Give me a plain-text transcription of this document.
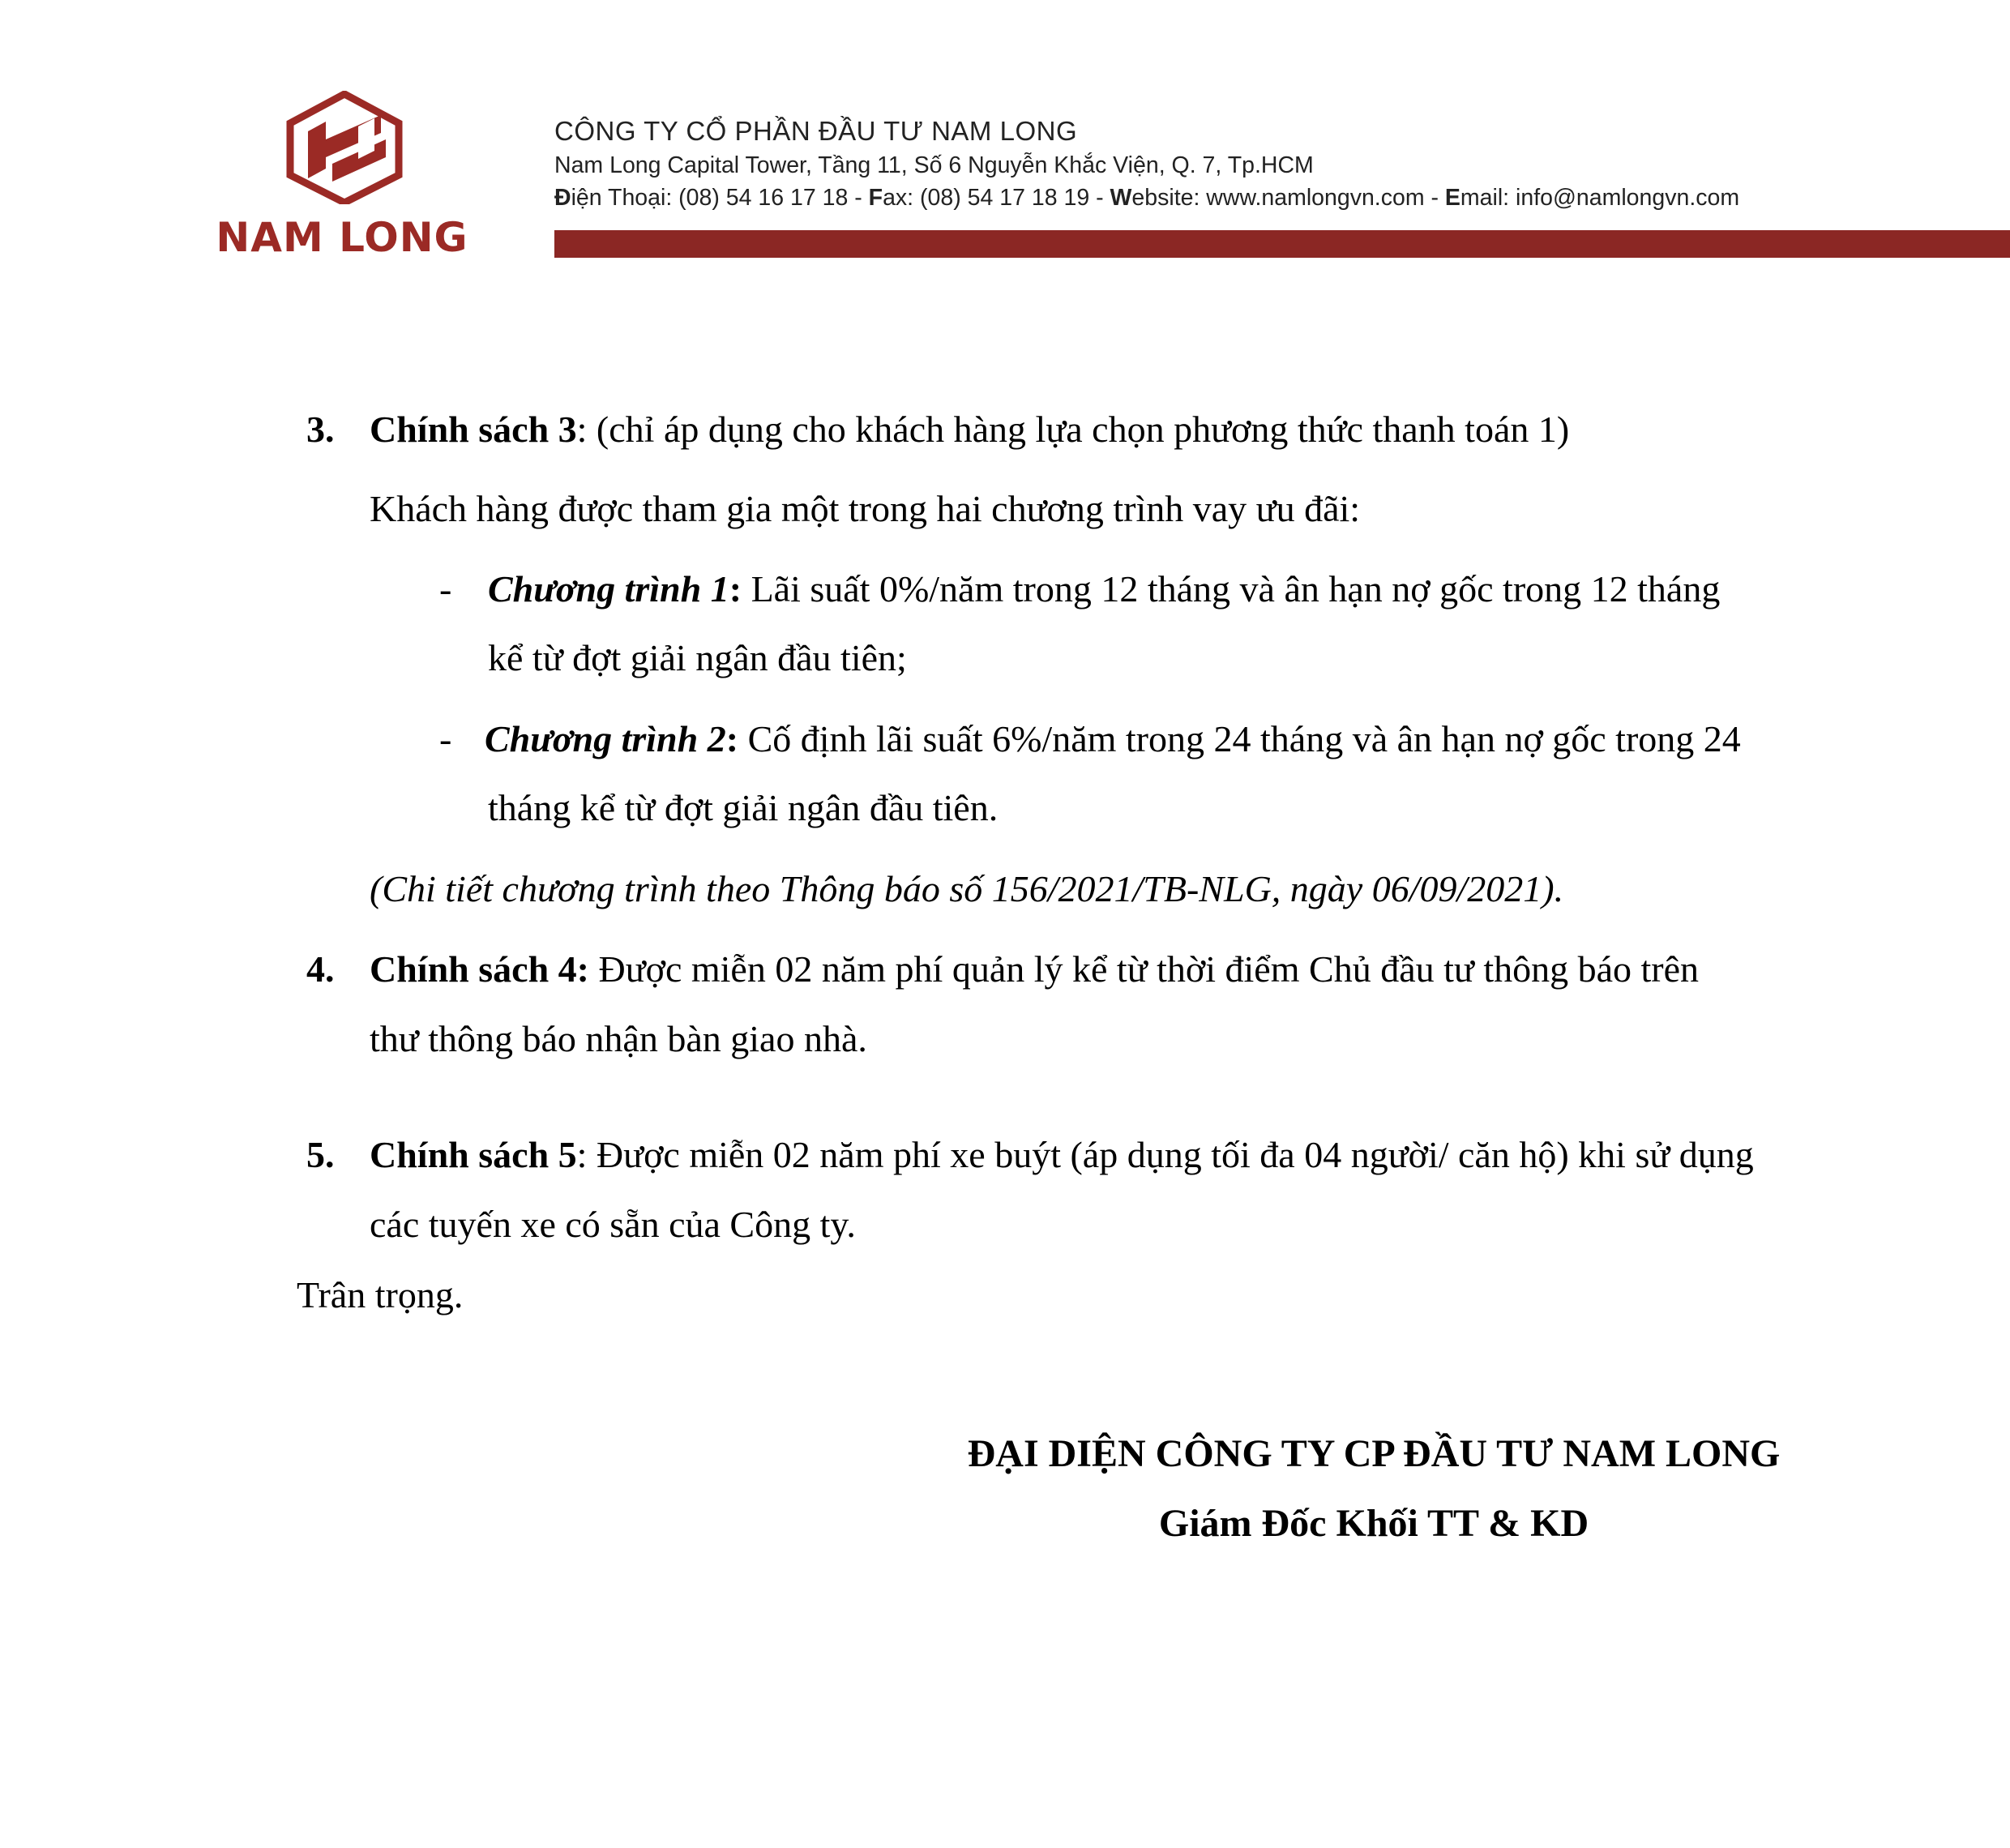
NAM LONG
CÔNG TY CỔ PHẦN ĐẦU TƯ NAM LONG
Nam Long Capital Tower, Tầng 11, Số 6 Nguyễn Khắc Viện, Q. 7, Tp.HCM
Điện Thoại: (08) 54 16 17 18 - Fax: (08) 54 17 18 19 - Website: www.namlongvn.com - Email: info@namlongvn.com
3. Chính sách 3: (chỉ áp dụng cho khách hàng lựa chọn phương thức thanh toán 1)
Khách hàng được tham gia một trong hai chương trình vay ưu đãi:
- Chương trình 1: Lãi suất 0%/năm trong 12 tháng và ân hạn nợ gốc trong 12 tháng
kể từ đợt giải ngân đầu tiên;
- Chương trình 2: Cố định lãi suất 6%/năm trong 24 tháng và ân hạn nợ gốc trong 24
tháng kể từ đợt giải ngân đầu tiên.
(Chi tiết chương trình theo Thông báo số 156/2021/TB-NLG, ngày 06/09/2021).
4. Chính sách 4: Được miễn 02 năm phí quản lý kể từ thời điểm Chủ đầu tư thông báo trên
thư thông báo nhận bàn giao nhà.
5. Chính sách 5: Được miễn 02 năm phí xe buýt (áp dụng tối đa 04 người/ căn hộ) khi sử dụng
các tuyến xe có sẵn của Công ty.
Trân trọng.
ĐẠI DIỆN CÔNG TY CP ĐẦU TƯ NAM LONG
Giám Đốc Khối TT & KD
